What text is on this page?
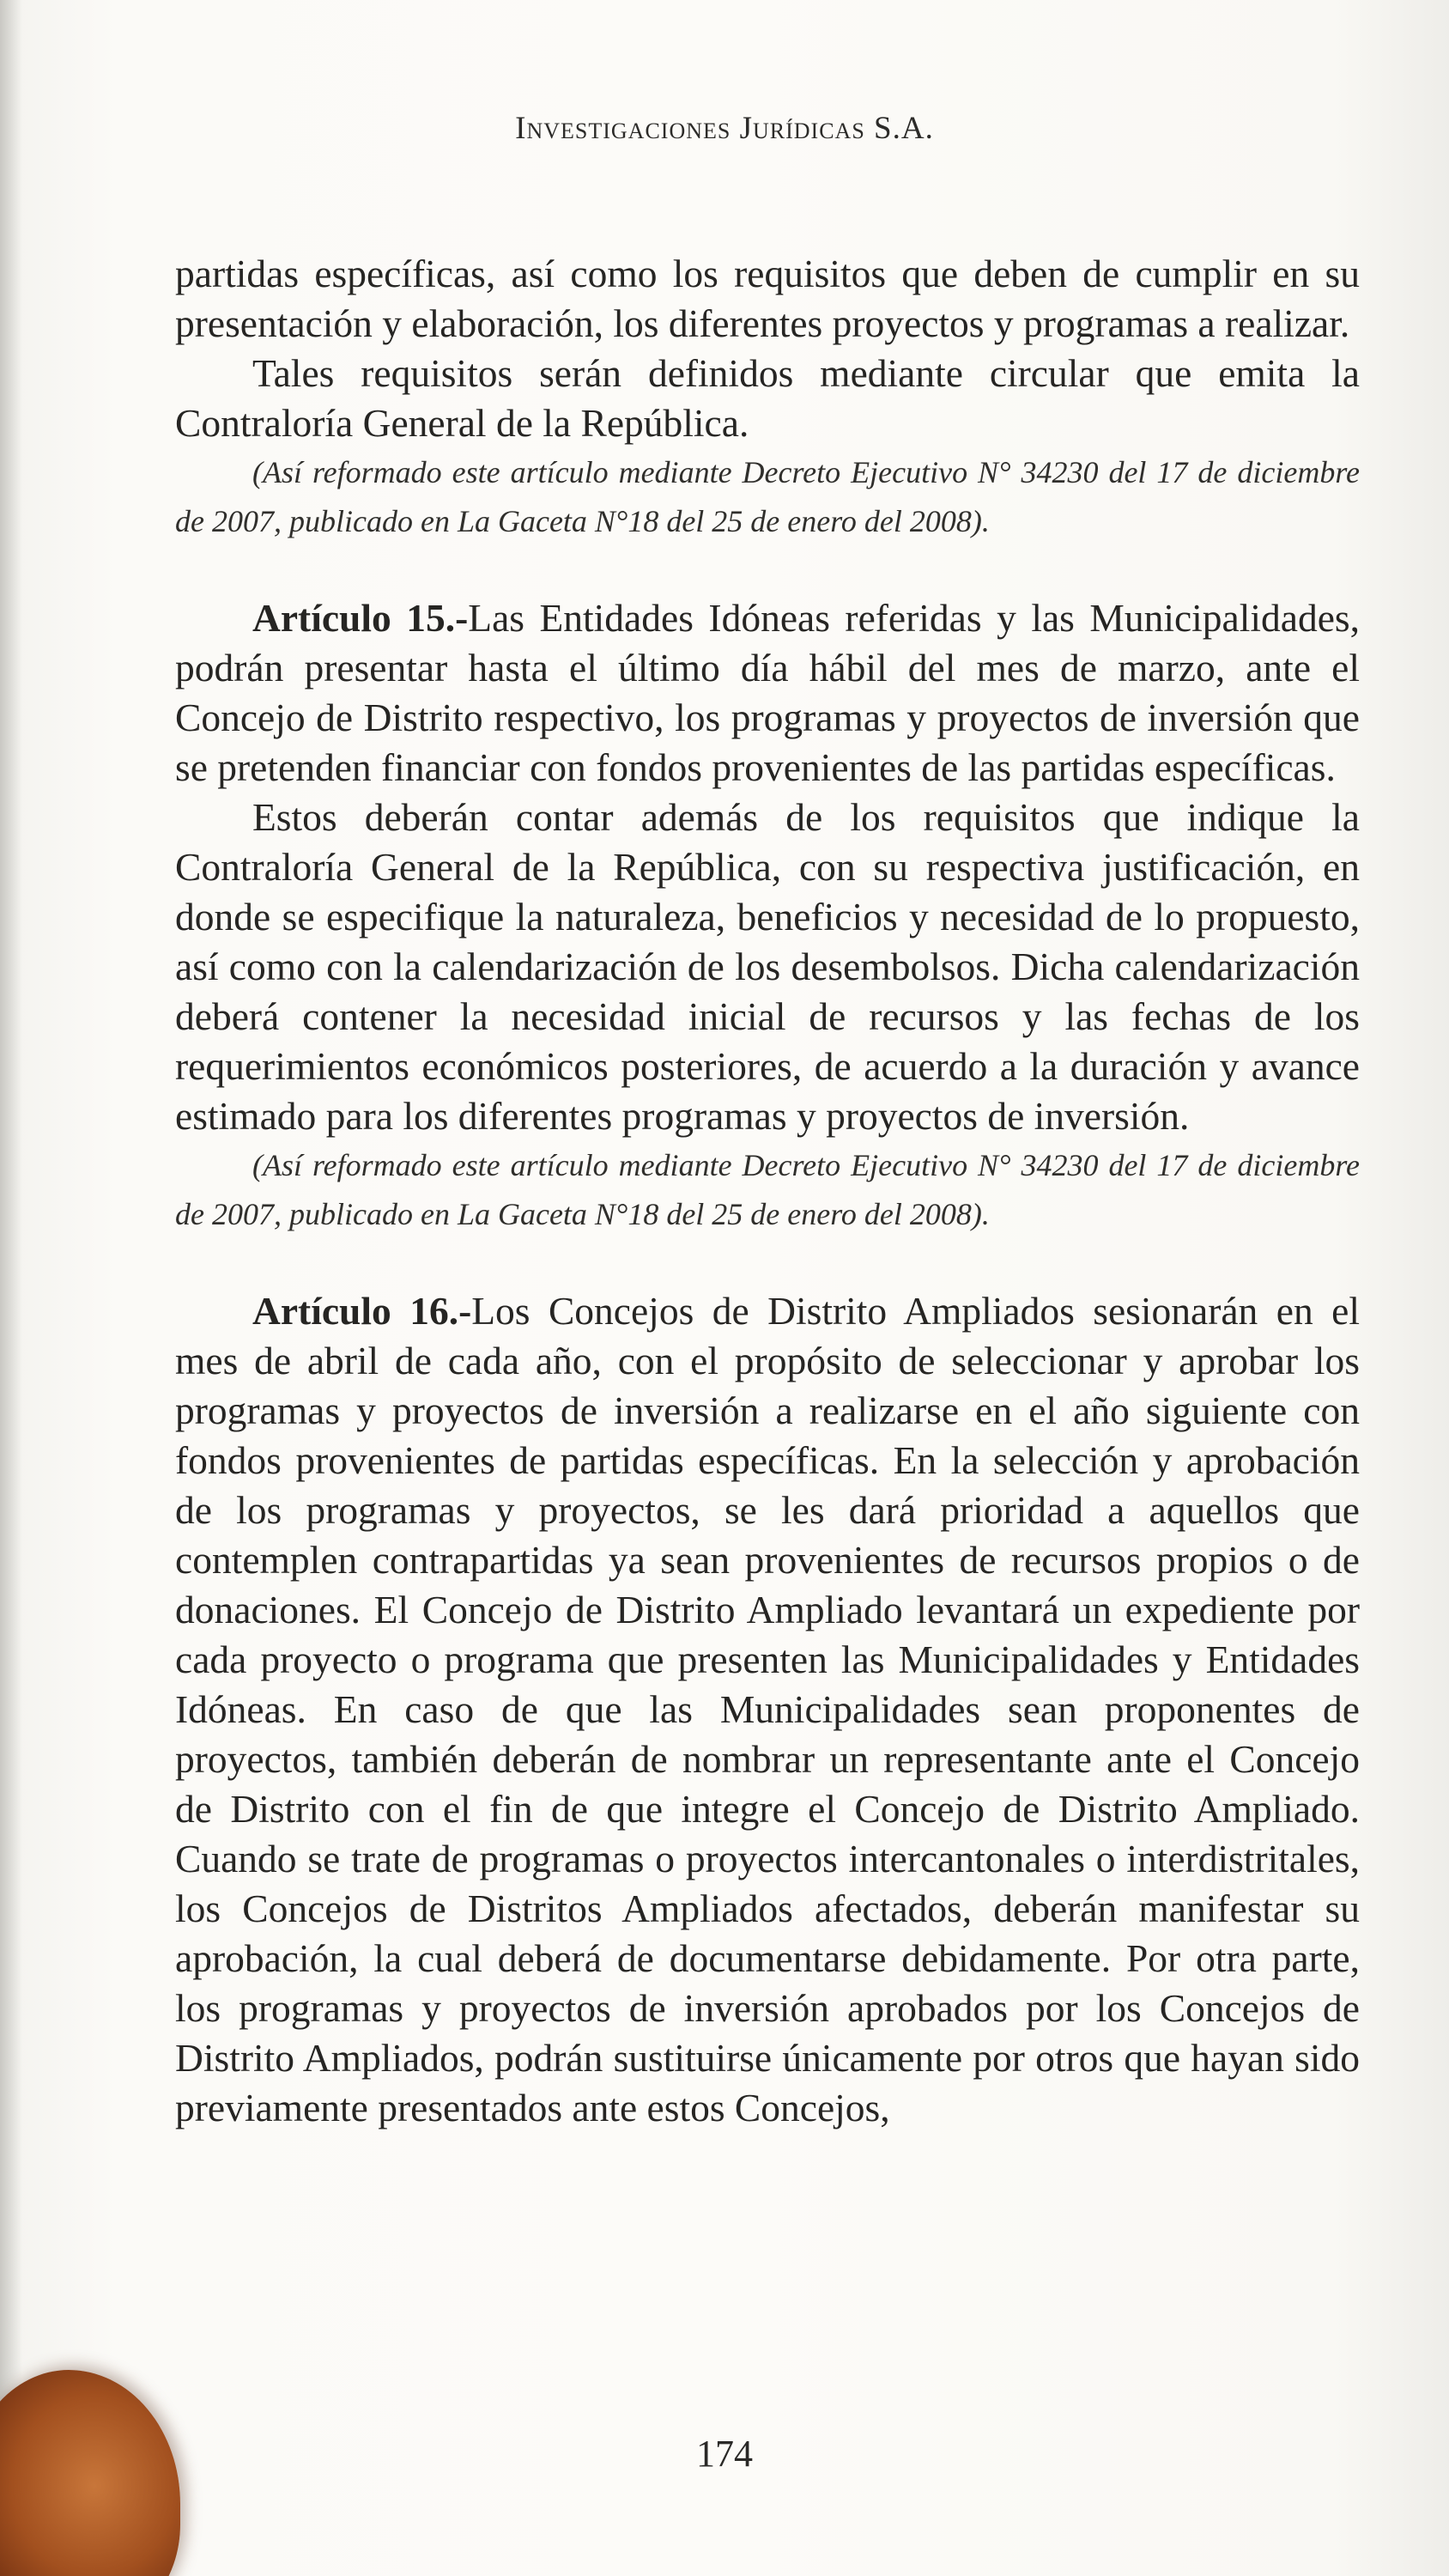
Investigaciones Jurídicas S.A.

partidas específicas, así como los requisitos que deben de cumplir en su presentación y elaboración, los diferentes proyectos y programas a realizar.

Tales requisitos serán definidos mediante circular que emita la Contraloría General de la República.

(Así reformado este artículo mediante Decreto Ejecutivo N° 34230 del 17 de diciembre de 2007, publicado en La Gaceta N°18 del 25 de enero del 2008).

Artículo 15.-Las Entidades Idóneas referidas y las Municipalidades, podrán presentar hasta el último día hábil del mes de marzo, ante el Concejo de Distrito respectivo, los programas y proyectos de inversión que se pretenden financiar con fondos provenientes de las partidas específicas.

Estos deberán contar además de los requisitos que indique la Contraloría General de la República, con su respectiva justificación, en donde se especifique la naturaleza, beneficios y necesidad de lo propuesto, así como con la calendarización de los desembolsos. Dicha calendarización deberá contener la necesidad inicial de recursos y las fechas de los requerimientos económicos posteriores, de acuerdo a la duración y avance estimado para los diferentes programas y proyectos de inversión.

(Así reformado este artículo mediante Decreto Ejecutivo N° 34230 del 17 de diciembre de 2007, publicado en La Gaceta N°18 del 25 de enero del 2008).

Artículo 16.-Los Concejos de Distrito Ampliados sesionarán en el mes de abril de cada año, con el propósito de seleccionar y aprobar los programas y proyectos de inversión a realizarse en el año siguiente con fondos provenientes de partidas específicas. En la selección y aprobación de los programas y proyectos, se les dará prioridad a aquellos que contemplen contrapartidas ya sean provenientes de recursos propios o de donaciones. El Concejo de Distrito Ampliado levantará un expediente por cada proyecto o programa que presenten las Municipalidades y Entidades Idóneas. En caso de que las Municipalidades sean proponentes de proyectos, también deberán de nombrar un representante ante el Concejo de Distrito con el fin de que integre el Concejo de Distrito Ampliado. Cuando se trate de programas o proyectos intercantonales o interdistritales, los Concejos de Distritos Ampliados afectados, deberán manifestar su aprobación, la cual deberá de documentarse debidamente. Por otra parte, los programas y proyectos de inversión aprobados por los Concejos de Distrito Ampliados, podrán sustituirse únicamente por otros que hayan sido previamente presentados ante estos Concejos,

174
